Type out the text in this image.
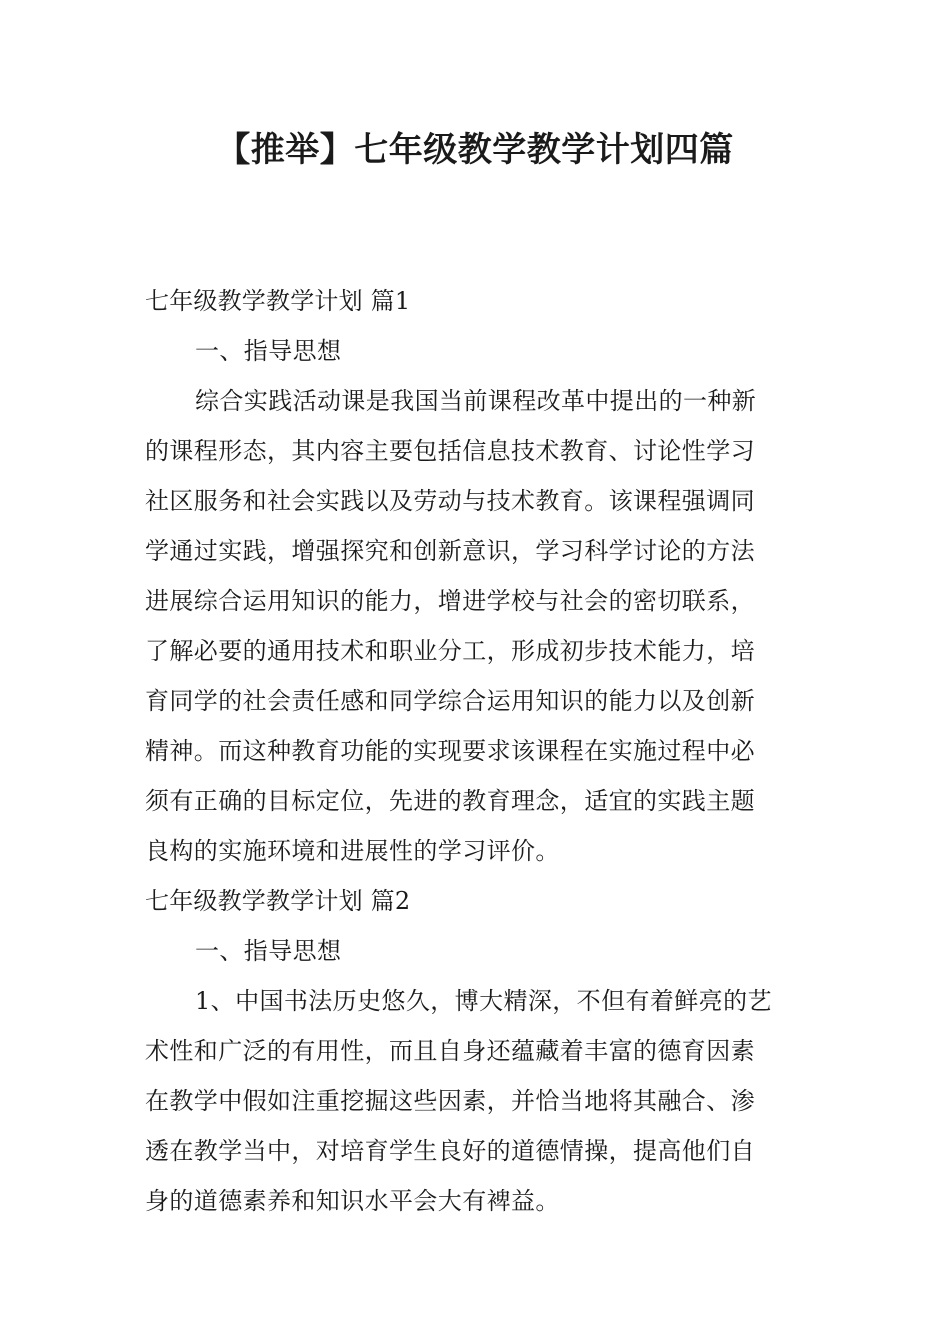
【推举】七年级教学教学计划四篇
七年级教学教学计划 篇1
一、指导思想
综合实践活动课是我国当前课程改革中提出的一种新
的课程形态，其内容主要包括信息技术教育、讨论性学习
社区服务和社会实践以及劳动与技术教育。该课程强调同
学通过实践，增强探究和创新意识，学习科学讨论的方法
进展综合运用知识的能力，增进学校与社会的密切联系，
了解必要的通用技术和职业分工，形成初步技术能力，培
育同学的社会责任感和同学综合运用知识的能力以及创新
精神。而这种教育功能的实现要求该课程在实施过程中必
须有正确的目标定位，先进的教育理念，适宜的实践主题
良构的实施环境和进展性的学习评价。
七年级教学教学计划 篇2
一、指导思想
1、中国书法历史悠久，博大精深，不但有着鲜亮的艺
术性和广泛的有用性，而且自身还蕴藏着丰富的德育因素
在教学中假如注重挖掘这些因素，并恰当地将其融合、渗
透在教学当中，对培育学生良好的道德情操，提高他们自
身的道德素养和知识水平会大有裨益。
